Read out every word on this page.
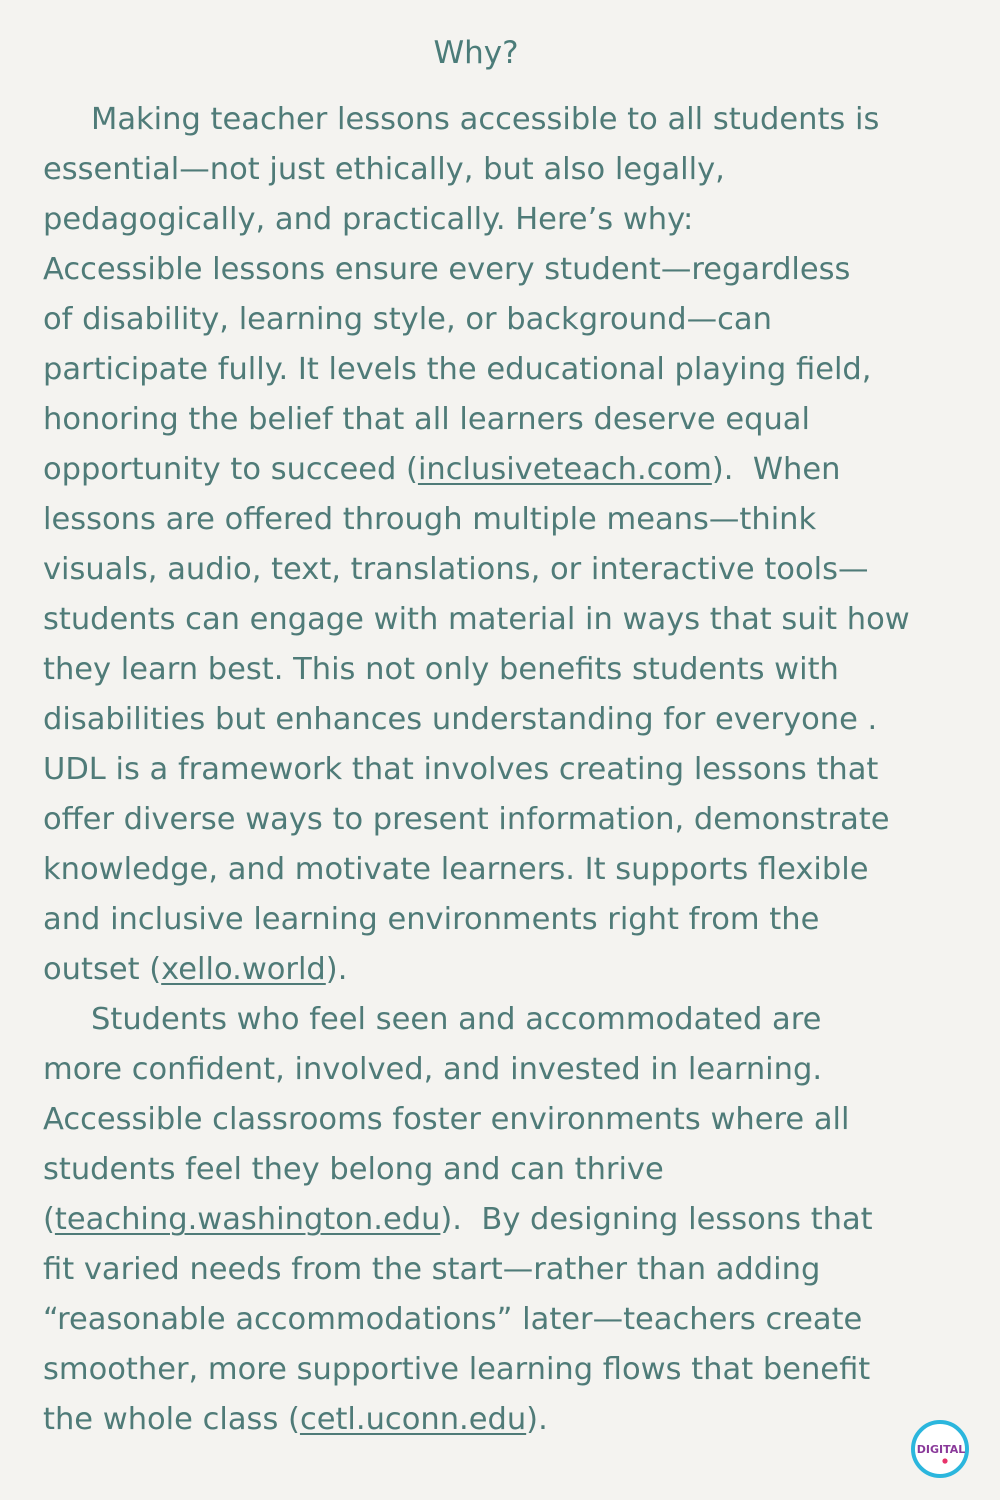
Why?
Making teacher lessons accessible to all students is
essential—not just ethically, but also legally,
pedagogically, and practically. Here’s why:
Accessible lessons ensure every student—regardless
of disability, learning style, or background—can
participate fully. It levels the educational playing field,
honoring the belief that all learners deserve equal
opportunity to succeed (inclusiveteach.com).  When
lessons are offered through multiple means—think
visuals, audio, text, translations, or interactive tools—
students can engage with material in ways that suit how
they learn best. This not only benefits students with
disabilities but enhances understanding for everyone .
UDL is a framework that involves creating lessons that
offer diverse ways to present information, demonstrate
knowledge, and motivate learners. It supports flexible
and inclusive learning environments right from the
outset (xello.world).
Students who feel seen and accommodated are
more confident, involved, and invested in learning.
Accessible classrooms foster environments where all
students feel they belong and can thrive
(teaching.washington.edu).  By designing lessons that
fit varied needs from the start—rather than adding
“reasonable accommodations” later—teachers create
smoother, more supportive learning flows that benefit
the whole class (cetl.uconn.edu).
DIGITAL
